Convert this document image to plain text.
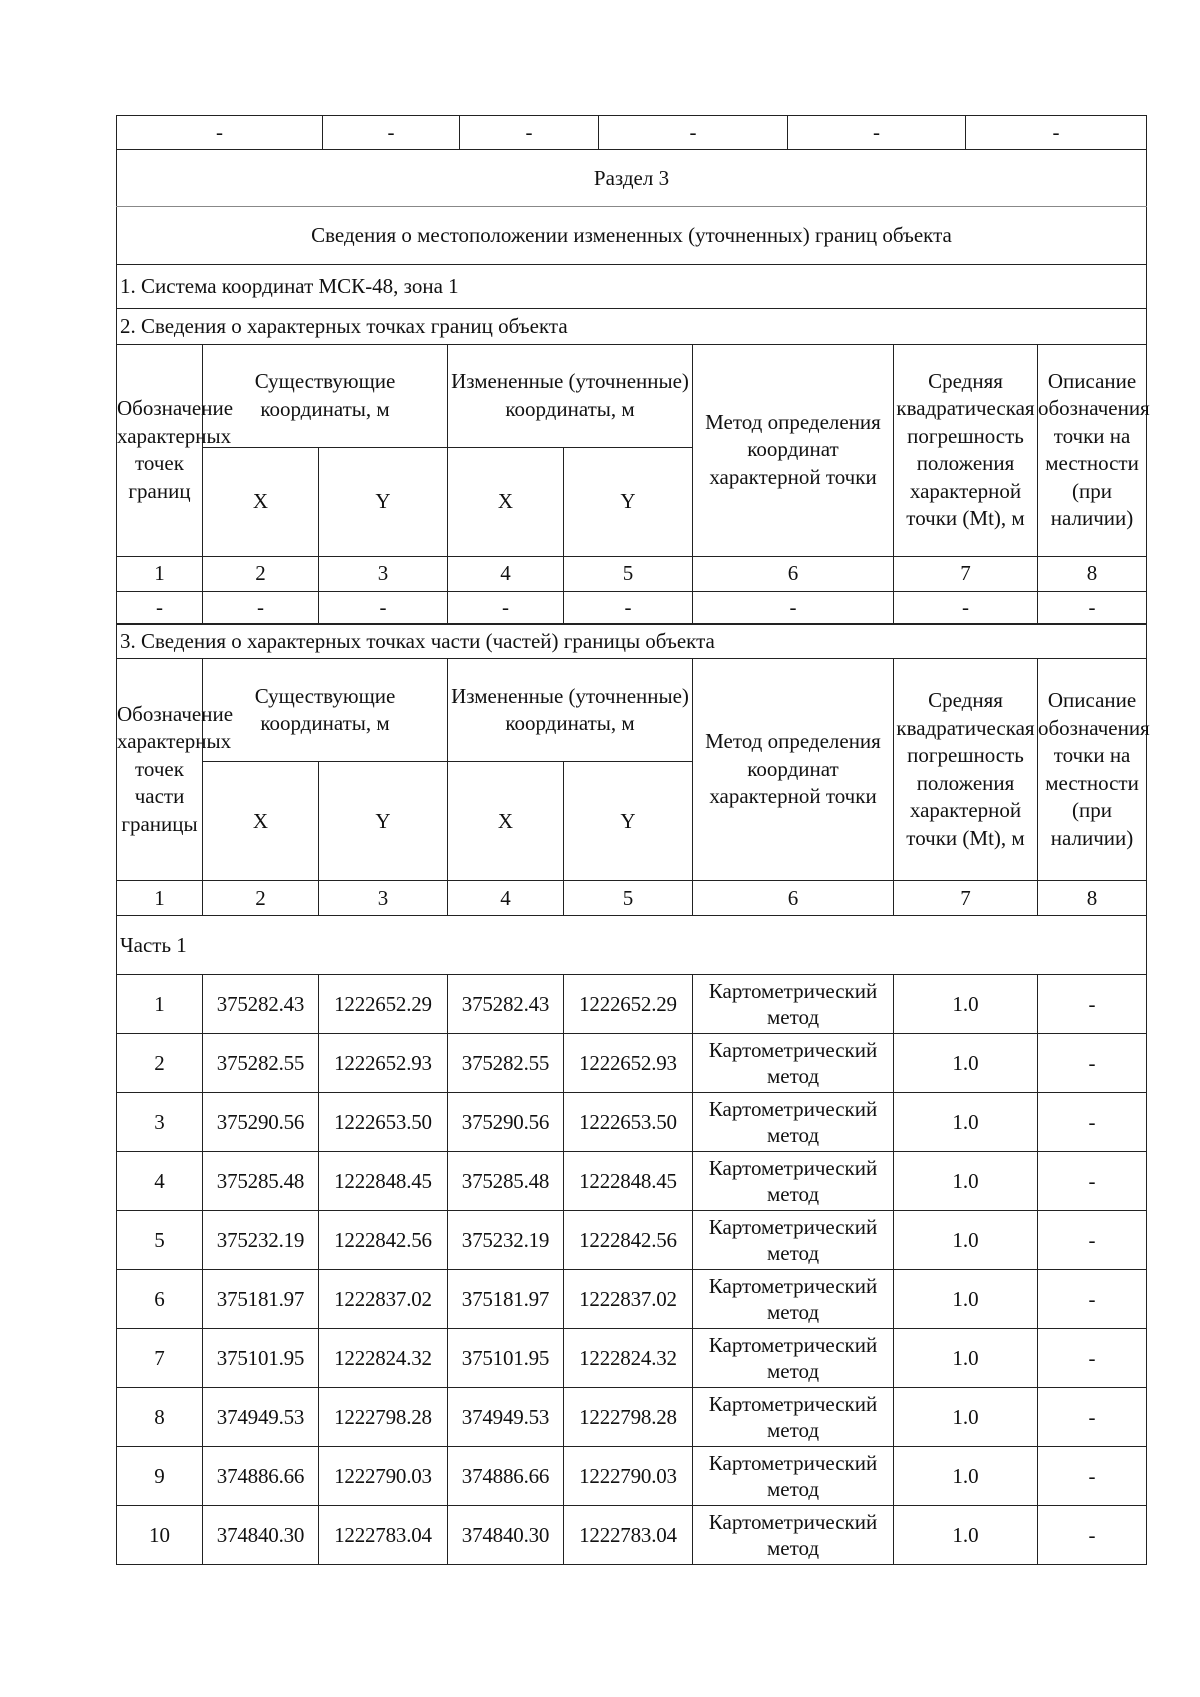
-	-	-	-	-	-
Раздел 3
Сведения о местоположении измененных (уточненных) границ объекта
1. Система координат МСК-48, зона 1
2. Сведения о характерных точках границ объекта							
Обозначение характерных точек границ	Существующие координаты, м		Измененные (уточненные) координаты, м		Метод определения координат характерной точки	Средняя квадратическая погрешность положения характерной точки (Mt), м	Описание обозначения точки на местности (при наличии)
	X	Y	X	Y			
1	2	3	4	5	6	7	8
-	-	-	-	-	-	-	-
3. Сведения о характерных точках части (частей) границы объекта							
Обозначение характерных точек части границы	Существующие координаты, м		Измененные (уточненные) координаты, м		Метод определения координат характерной точки	Средняя квадратическая погрешность положения характерной точки (Mt), м	Описание обозначения точки на местности (при наличии)
	X	Y	X	Y			
1	2	3	4	5	6	7	8
Часть 1							
1	375282.43	1222652.29	375282.43	1222652.29	Картометрический метод	1.0	-
2	375282.55	1222652.93	375282.55	1222652.93	Картометрический метод	1.0	-
3	375290.56	1222653.50	375290.56	1222653.50	Картометрический метод	1.0	-
4	375285.48	1222848.45	375285.48	1222848.45	Картометрический метод	1.0	-
5	375232.19	1222842.56	375232.19	1222842.56	Картометрический метод	1.0	-
6	375181.97	1222837.02	375181.97	1222837.02	Картометрический метод	1.0	-
7	375101.95	1222824.32	375101.95	1222824.32	Картометрический метод	1.0	-
8	374949.53	1222798.28	374949.53	1222798.28	Картометрический метод	1.0	-
9	374886.66	1222790.03	374886.66	1222790.03	Картометрический метод	1.0	-
10	374840.30	1222783.04	374840.30	1222783.04	Картометрический метод	1.0	-
